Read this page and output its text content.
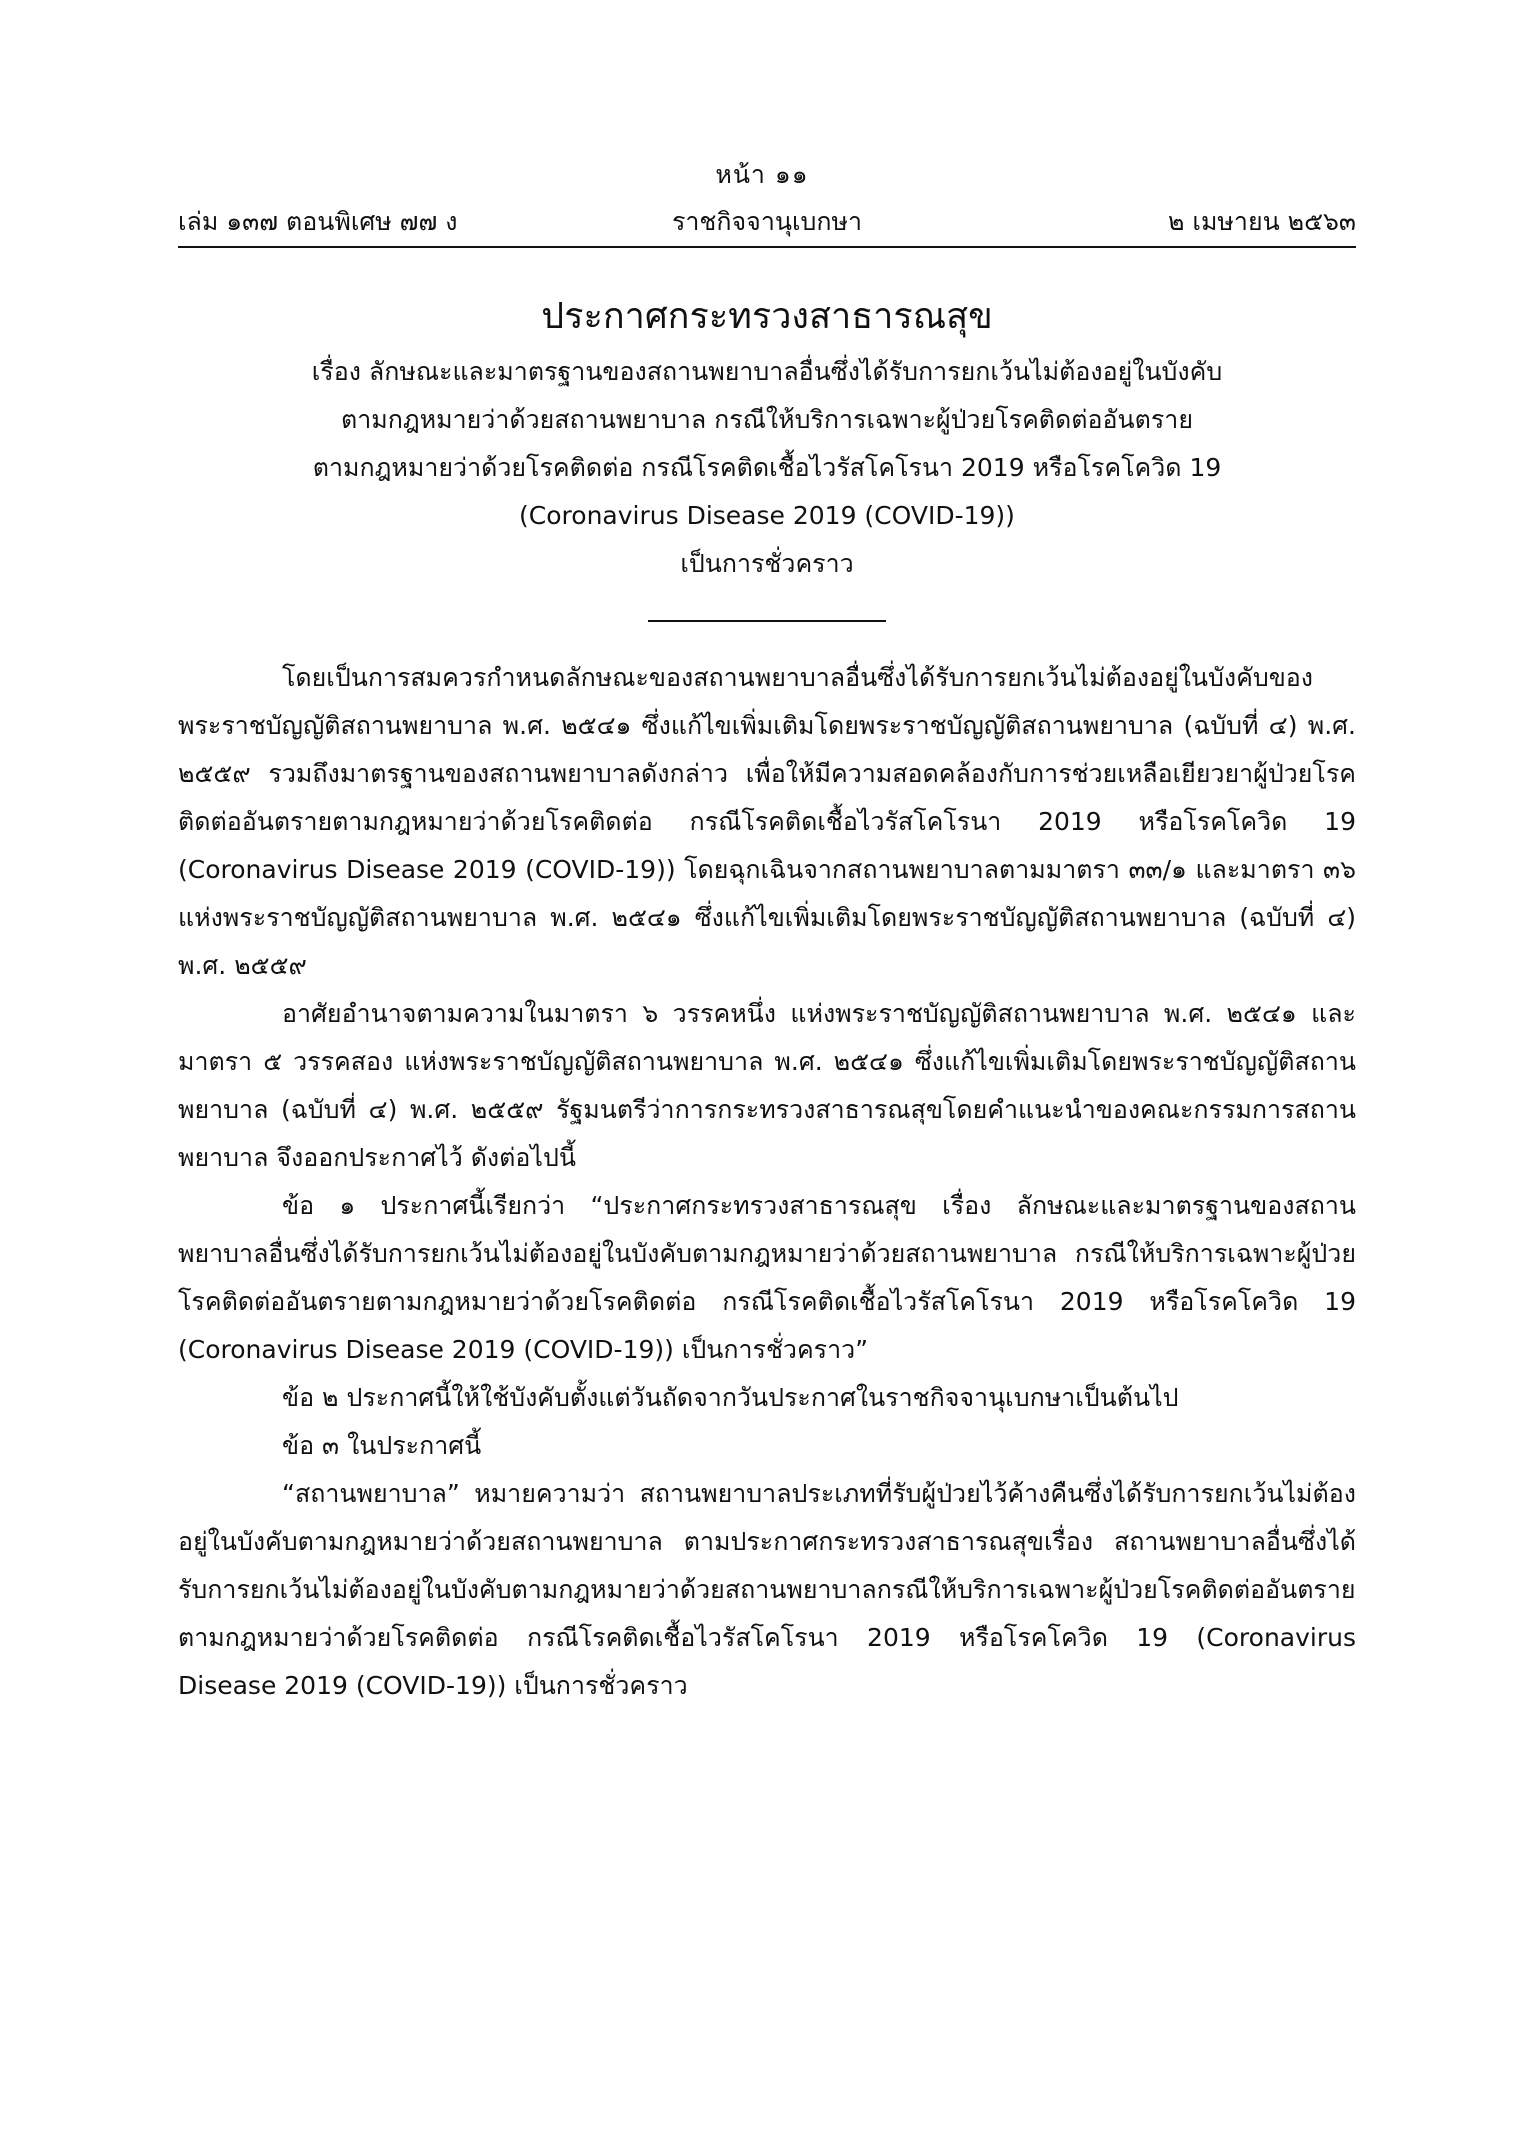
หน้า ๑๑
เล่ม ๑๓๗ ตอนพิเศษ ๗๗ ง	ราชกิจจานุเบกษา	๒ เมษายน ๒๕๖๓
ประกาศกระทรวงสาธารณสุข
เรื่อง ลักษณะและมาตรฐานของสถานพยาบาลอื่นซึ่งได้รับการยกเว้นไม่ต้องอยู่ในบังคับ
ตามกฎหมายว่าด้วยสถานพยาบาล กรณีให้บริการเฉพาะผู้ป่วยโรคติดต่ออันตราย
ตามกฎหมายว่าด้วยโรคติดต่อ กรณีโรคติดเชื้อไวรัสโคโรนา 2019 หรือโรคโควิด 19
(Coronavirus Disease 2019 (COVID-19))
เป็นการชั่วคราว

โดยเป็นการสมควรกำหนดลักษณะของสถานพยาบาลอื่นซึ่งได้รับการยกเว้นไม่ต้องอยู่ในบังคับของพระราชบัญญัติสถานพยาบาล พ.ศ. ๒๕๔๑ ซึ่งแก้ไขเพิ่มเติมโดยพระราชบัญญัติสถานพยาบาล (ฉบับที่ ๔) พ.ศ. ๒๕๕๙ รวมถึงมาตรฐานของสถานพยาบาลดังกล่าว เพื่อให้มีความสอดคล้องกับการช่วยเหลือเยียวยาผู้ป่วยโรคติดต่ออันตรายตามกฎหมายว่าด้วยโรคติดต่อ กรณีโรคติดเชื้อไวรัสโคโรนา 2019 หรือโรคโควิด 19 (Coronavirus Disease 2019 (COVID-19)) โดยฉุกเฉินจากสถานพยาบาลตามมาตรา ๓๓/๑ และมาตรา ๓๖ แห่งพระราชบัญญัติสถานพยาบาล พ.ศ. ๒๕๔๑ ซึ่งแก้ไขเพิ่มเติมโดยพระราชบัญญัติสถานพยาบาล (ฉบับที่ ๔) พ.ศ. ๒๕๕๙

อาศัยอำนาจตามความในมาตรา ๖ วรรคหนึ่ง แห่งพระราชบัญญัติสถานพยาบาล พ.ศ. ๒๕๔๑ และมาตรา ๕ วรรคสอง แห่งพระราชบัญญัติสถานพยาบาล พ.ศ. ๒๕๔๑ ซึ่งแก้ไขเพิ่มเติมโดยพระราชบัญญัติสถานพยาบาล (ฉบับที่ ๔) พ.ศ. ๒๕๕๙ รัฐมนตรีว่าการกระทรวงสาธารณสุขโดยคำแนะนำของคณะกรรมการสถานพยาบาล จึงออกประกาศไว้ ดังต่อไปนี้

ข้อ ๑ ประกาศนี้เรียกว่า “ประกาศกระทรวงสาธารณสุข เรื่อง ลักษณะและมาตรฐานของสถานพยาบาลอื่นซึ่งได้รับการยกเว้นไม่ต้องอยู่ในบังคับตามกฎหมายว่าด้วยสถานพยาบาล กรณีให้บริการเฉพาะผู้ป่วยโรคติดต่ออันตรายตามกฎหมายว่าด้วยโรคติดต่อ กรณีโรคติดเชื้อไวรัสโคโรนา 2019 หรือโรคโควิด 19 (Coronavirus Disease 2019 (COVID-19)) เป็นการชั่วคราว”

ข้อ ๒ ประกาศนี้ให้ใช้บังคับตั้งแต่วันถัดจากวันประกาศในราชกิจจานุเบกษาเป็นต้นไป

ข้อ ๓ ในประกาศนี้

“สถานพยาบาล” หมายความว่า สถานพยาบาลประเภทที่รับผู้ป่วยไว้ค้างคืนซึ่งได้รับการยกเว้นไม่ต้องอยู่ในบังคับตามกฎหมายว่าด้วยสถานพยาบาล ตามประกาศกระทรวงสาธารณสุขเรื่อง สถานพยาบาลอื่นซึ่งได้รับการยกเว้นไม่ต้องอยู่ในบังคับตามกฎหมายว่าด้วยสถานพยาบาลกรณีให้บริการเฉพาะผู้ป่วยโรคติดต่ออันตรายตามกฎหมายว่าด้วยโรคติดต่อ กรณีโรคติดเชื้อไวรัสโคโรนา 2019 หรือโรคโควิด 19 (Coronavirus Disease 2019 (COVID-19)) เป็นการชั่วคราว
